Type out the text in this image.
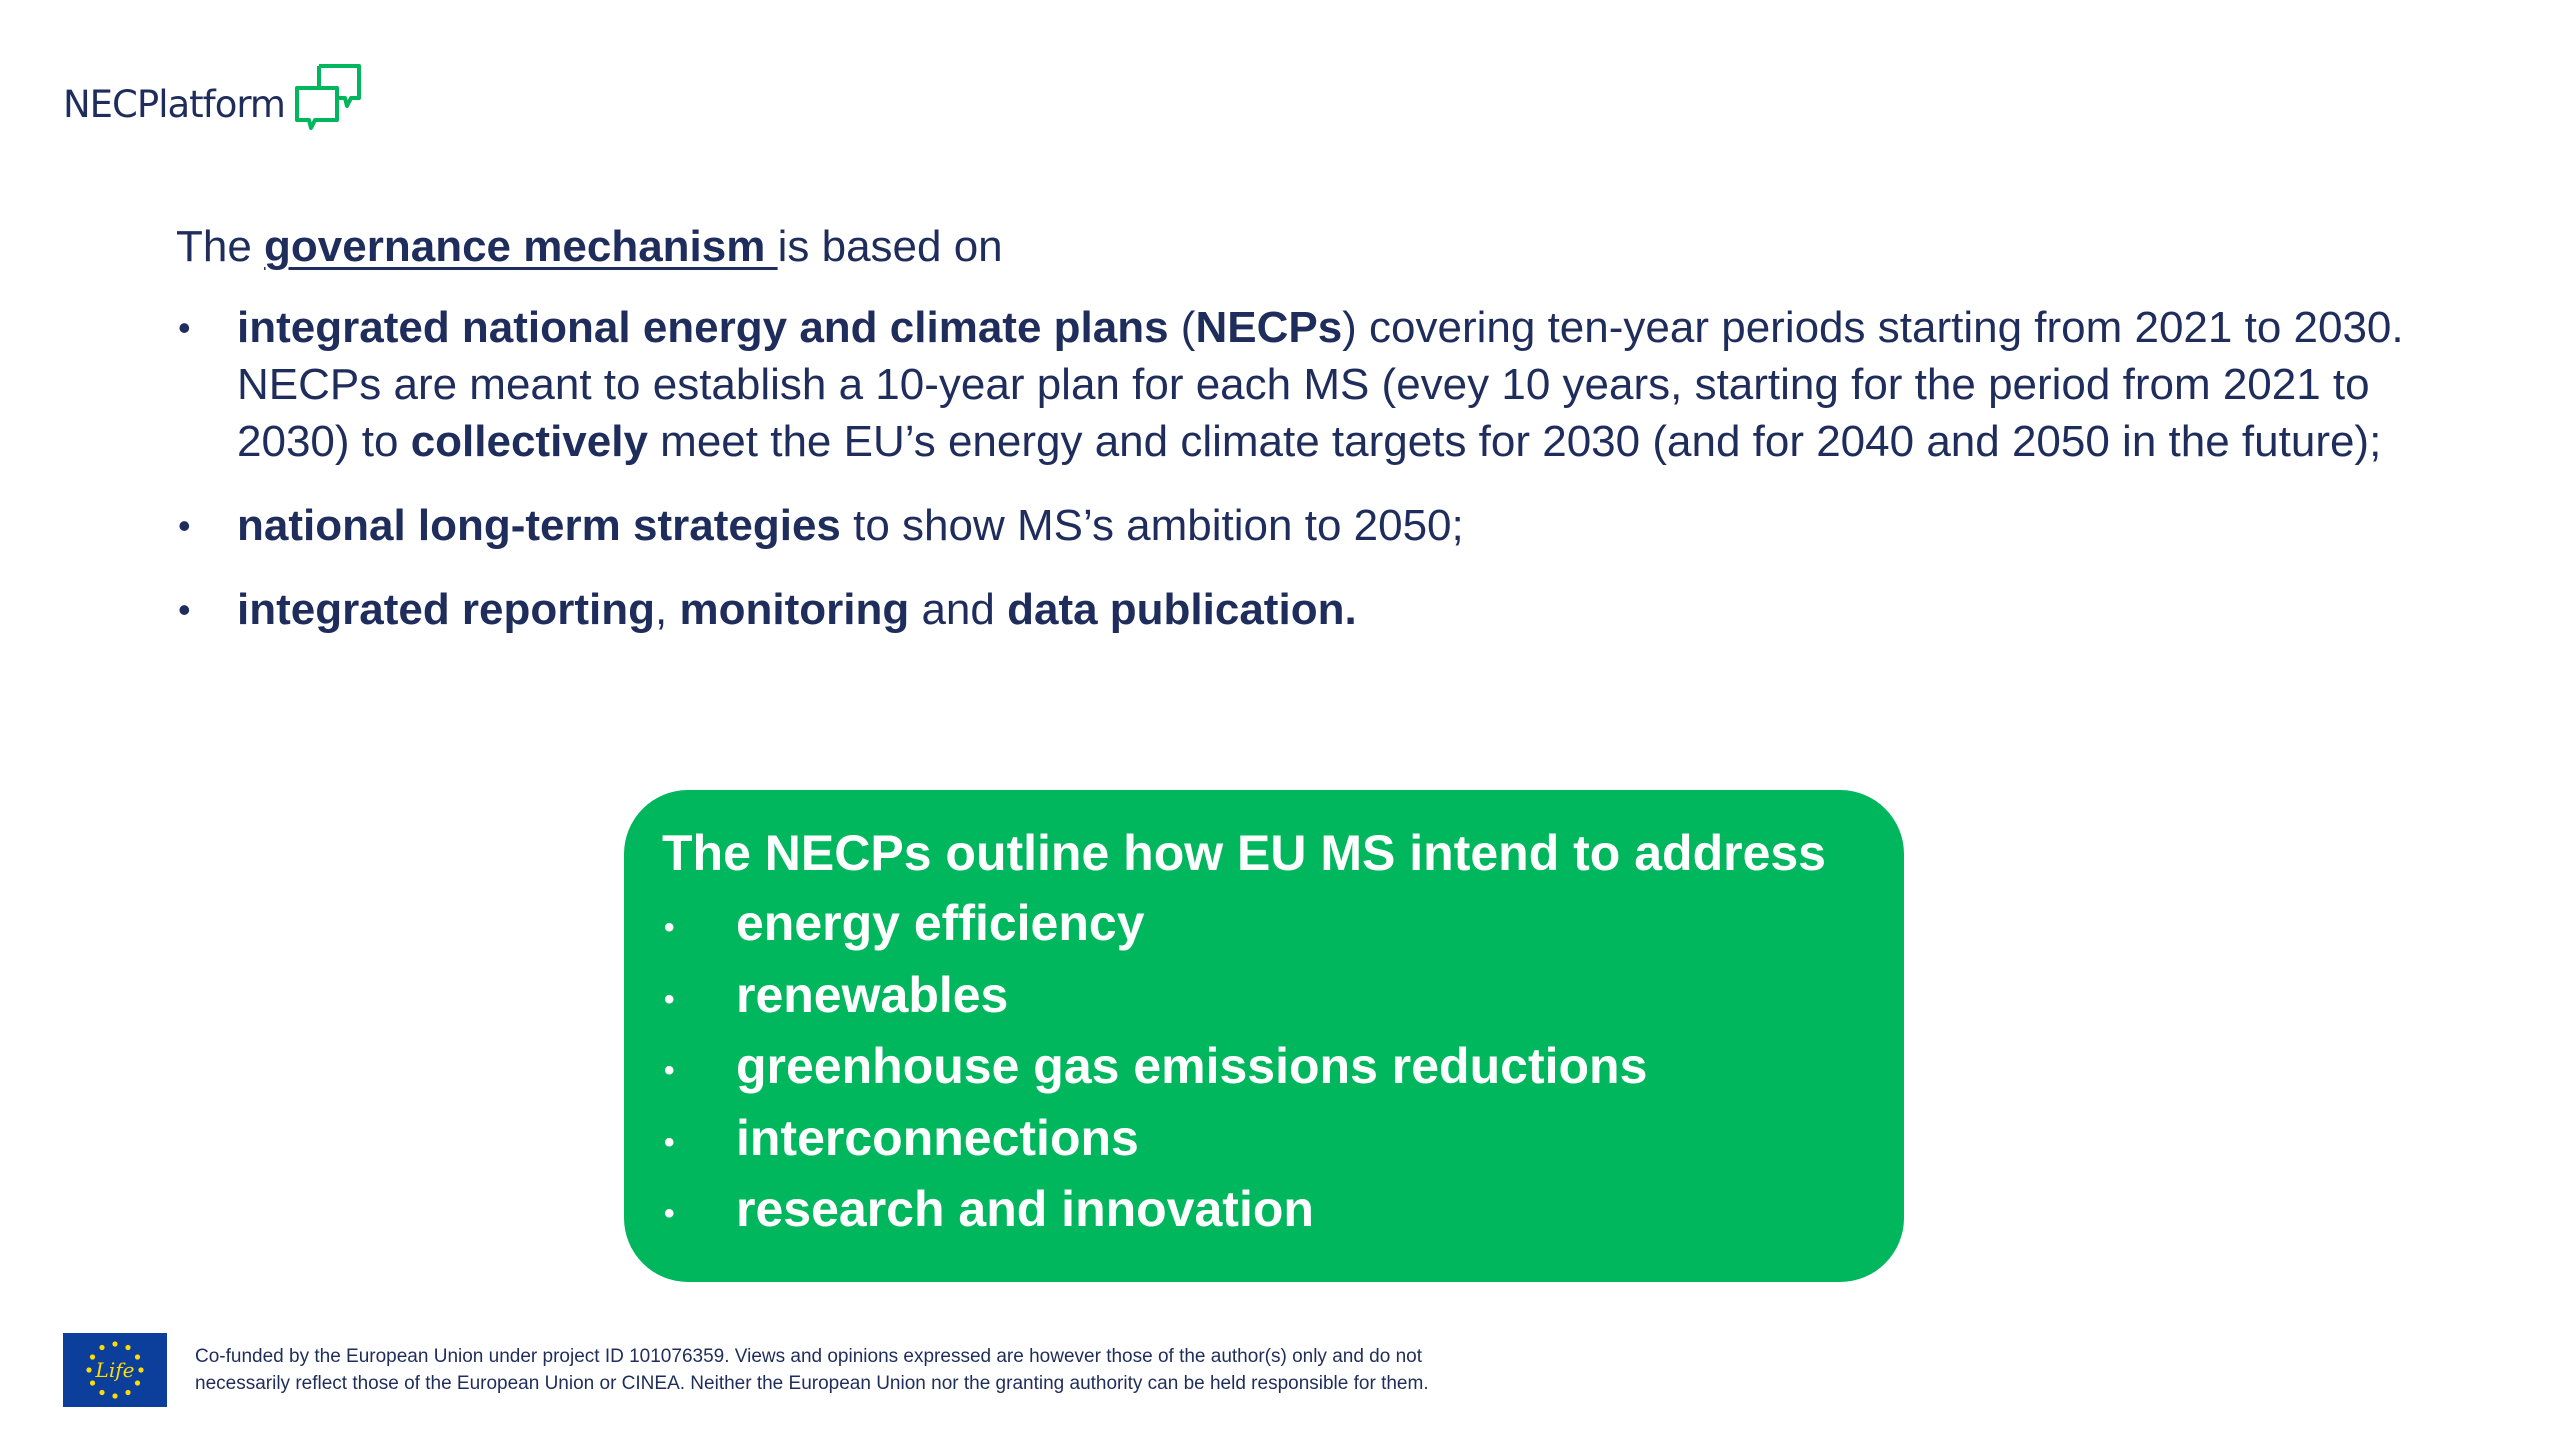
NECPlatform

The governance mechanism is based on

• integrated national energy and climate plans (NECPs) covering ten-year periods starting from 2021 to 2030. NECPs are meant to establish a 10-year plan for each MS (evey 10 years, starting for the period from 2021 to 2030) to collectively meet the EU’s energy and climate targets for 2030 (and for 2040 and 2050 in the future);
• national long-term strategies to show MS’s ambition to 2050;
• integrated reporting, monitoring and data publication.
The NECPs outline how EU MS intend to address
• energy efficiency
• renewables
• greenhouse gas emissions reductions
• interconnections
• research and innovation
Life
Co-funded by the European Union under project ID 101076359. Views and opinions expressed are however those of the author(s) only and do not
necessarily reflect those of the European Union or CINEA. Neither the European Union nor the granting authority can be held responsible for them.
